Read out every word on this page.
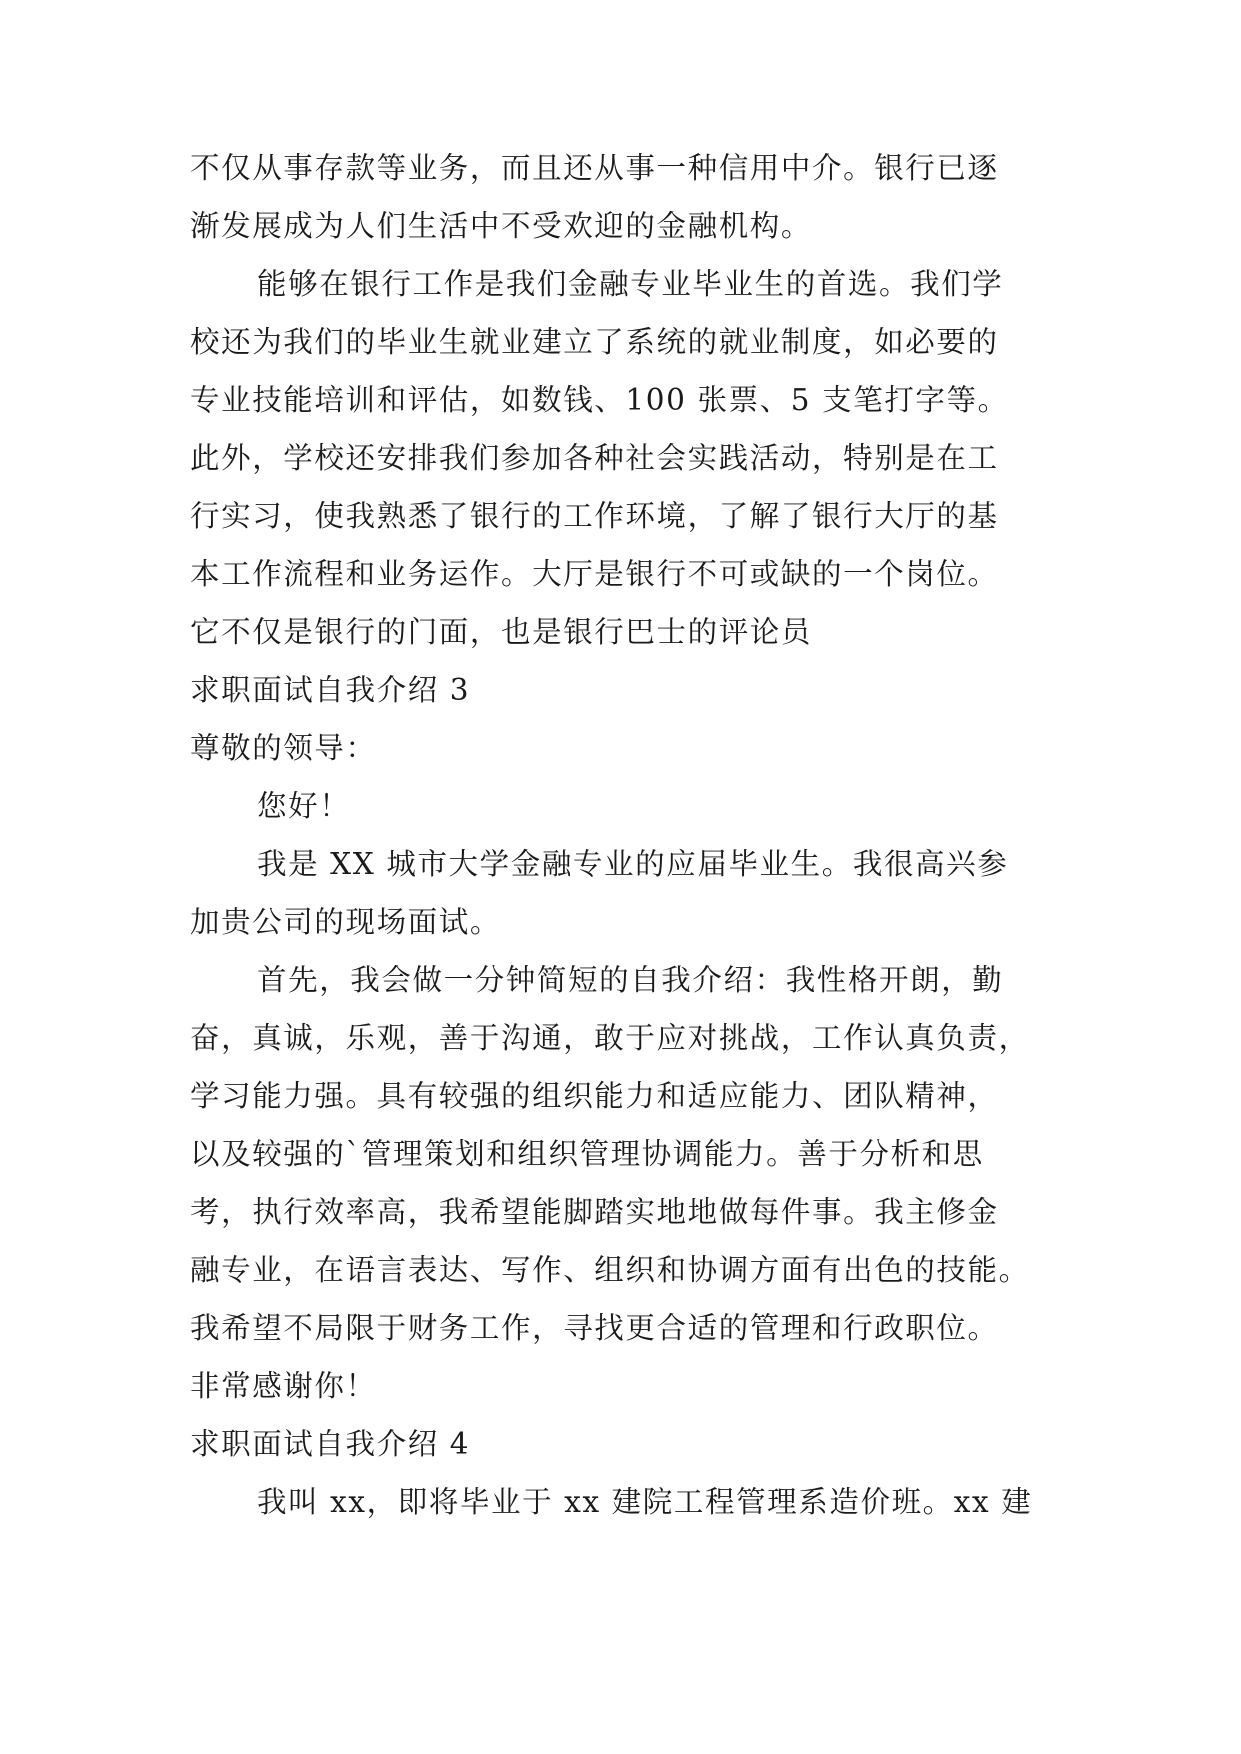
不仅从事存款等业务，而且还从事一种信用中介。银行已逐
渐发展成为人们生活中不受欢迎的金融机构。
能够在银行工作是我们金融专业毕业生的首选。我们学
校还为我们的毕业生就业建立了系统的就业制度，如必要的
专业技能培训和评估，如数钱、100 张票、5 支笔打字等。
此外，学校还安排我们参加各种社会实践活动，特别是在工
行实习，使我熟悉了银行的工作环境，了解了银行大厅的基
本工作流程和业务运作。大厅是银行不可或缺的一个岗位。
它不仅是银行的门面，也是银行巴士的评论员
求职面试自我介绍 3
尊敬的领导：
您好！
我是 XX 城市大学金融专业的应届毕业生。我很高兴参
加贵公司的现场面试。
首先，我会做一分钟简短的自我介绍：我性格开朗，勤
奋，真诚，乐观，善于沟通，敢于应对挑战，工作认真负责，
学习能力强。具有较强的组织能力和适应能力、团队精神，
以及较强的`管理策划和组织管理协调能力。善于分析和思
考，执行效率高，我希望能脚踏实地地做每件事。我主修金
融专业，在语言表达、写作、组织和协调方面有出色的技能。
我希望不局限于财务工作，寻找更合适的管理和行政职位。
非常感谢你！
求职面试自我介绍 4
我叫 xx，即将毕业于 xx 建院工程管理系造价班。xx 建
